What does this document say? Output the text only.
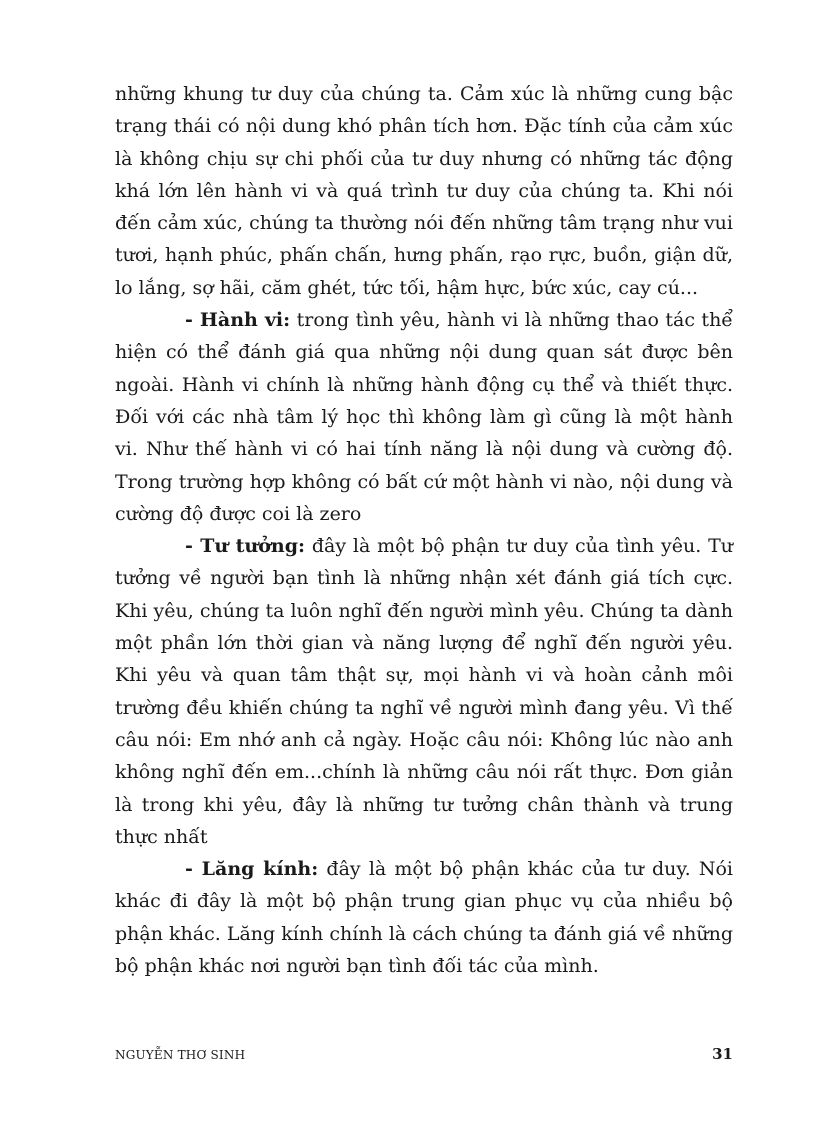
những khung tư duy của chúng ta. Cảm xúc là những cung bậc trạng thái có nội dung khó phân tích hơn. Đặc tính của cảm xúc là không chịu sự chi phối của tư duy nhưng có những tác động khá lớn lên hành vi và quá trình tư duy của chúng ta. Khi nói đến cảm xúc, chúng ta thường nói đến những tâm trạng như vui tươi, hạnh phúc, phấn chấn, hưng phấn, rạo rực, buồn, giận dữ, lo lắng, sợ hãi, căm ghét, tức tối, hậm hực, bức xúc, cay cú...

- Hành vi: trong tình yêu, hành vi là những thao tác thể hiện có thể đánh giá qua những nội dung quan sát được bên ngoài. Hành vi chính là những hành động cụ thể và thiết thực. Đối với các nhà tâm lý học thì không làm gì cũng là một hành vi. Như thế hành vi có hai tính năng là nội dung và cường độ. Trong trường hợp không có bất cứ một hành vi nào, nội dung và cường độ được coi là zero

- Tư tưởng: đây là một bộ phận tư duy của tình yêu. Tư tưởng về người bạn tình là những nhận xét đánh giá tích cực. Khi yêu, chúng ta luôn nghĩ đến người mình yêu. Chúng ta dành một phần lớn thời gian và năng lượng để nghĩ đến người yêu. Khi yêu và quan tâm thật sự, mọi hành vi và hoàn cảnh môi trường đều khiến chúng ta nghĩ về người mình đang yêu. Vì thế câu nói: Em nhớ anh cả ngày. Hoặc câu nói: Không lúc nào anh không nghĩ đến em...chính là những câu nói rất thực. Đơn giản là trong khi yêu, đây là những tư tưởng chân thành và trung thực nhất

- Lăng kính: đây là một bộ phận khác của tư duy. Nói khác đi đây là một bộ phận trung gian phục vụ của nhiều bộ phận khác. Lăng kính chính là cách chúng ta đánh giá về những bộ phận khác nơi người bạn tình đối tác của mình.

NGUYỄN THƠ SINH	31
